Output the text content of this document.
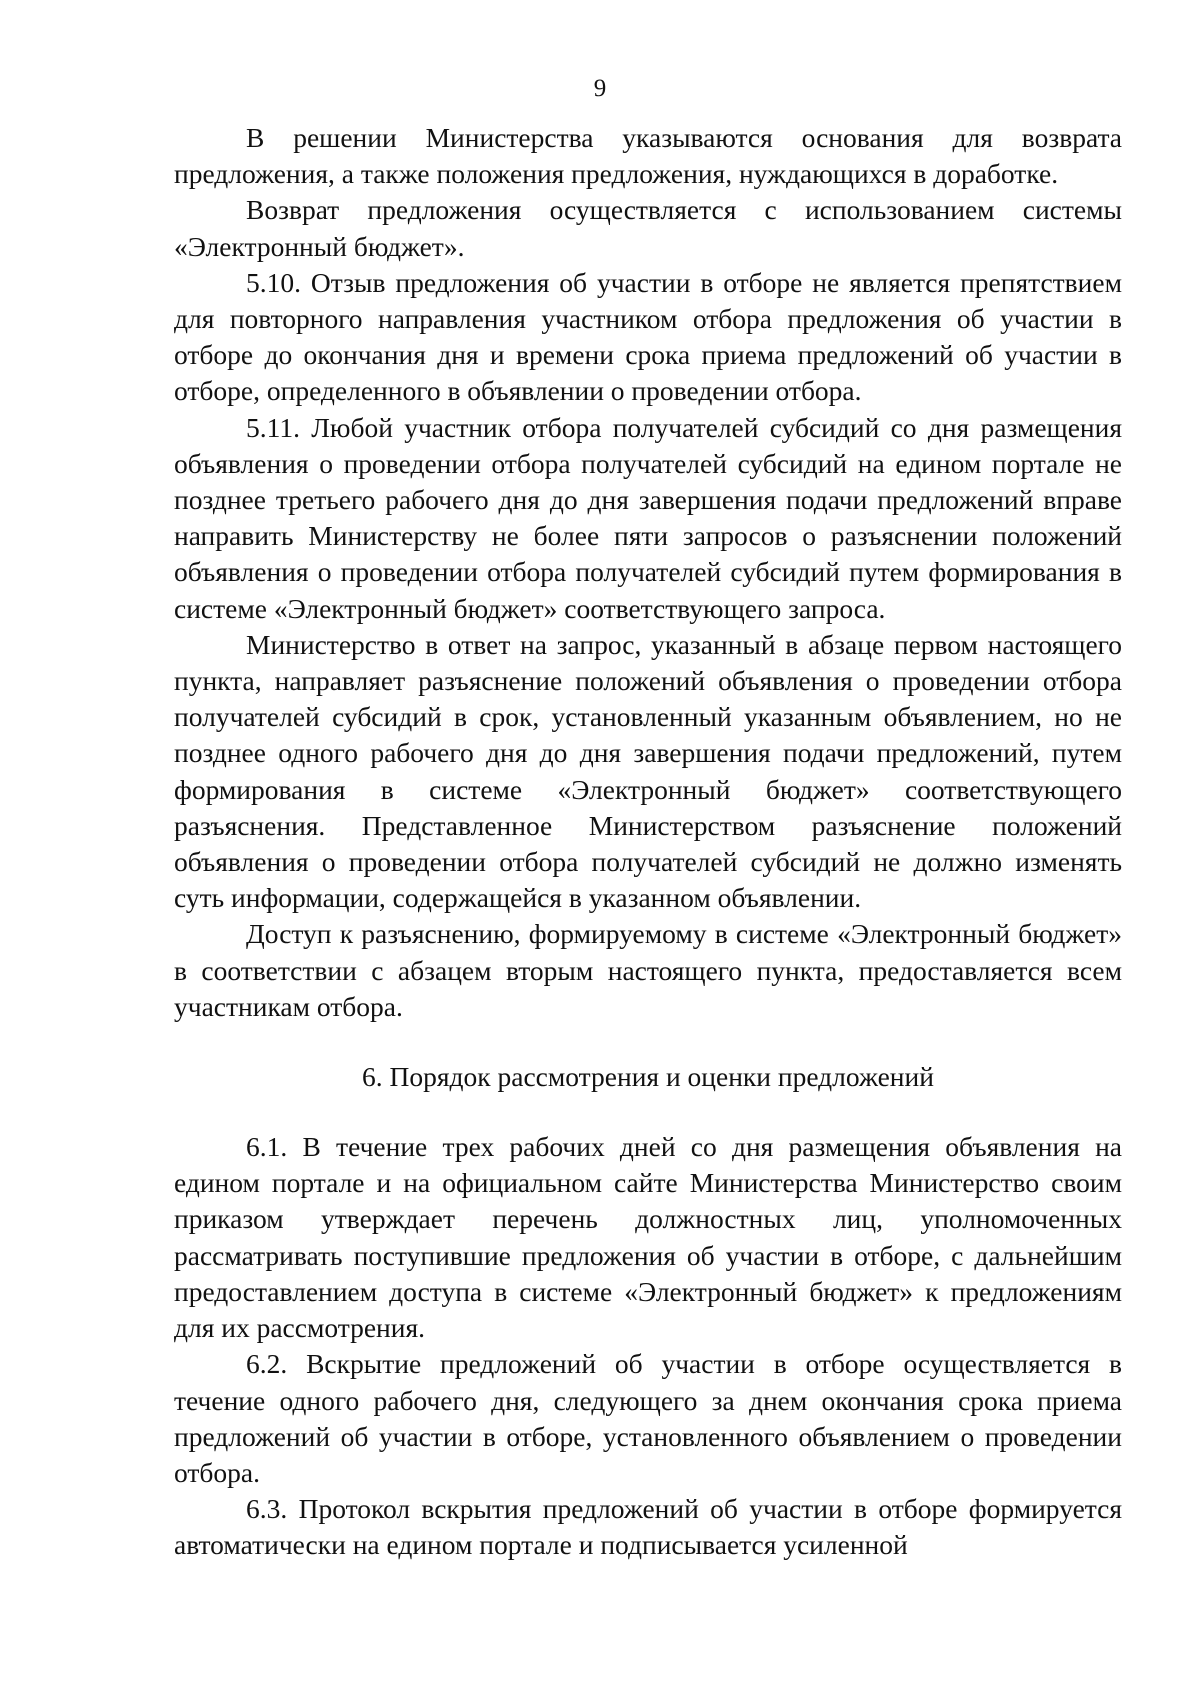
9

В решении Министерства указываются основания для возврата предложения, а также положения предложения, нуждающихся в доработке.

Возврат предложения осуществляется с использованием системы «Электронный бюджет».

5.10. Отзыв предложения об участии в отборе не является препятствием для повторного направления участником отбора предложения об участии в отборе до окончания дня и времени срока приема предложений об участии в отборе, определенного в объявлении о проведении отбора.

5.11. Любой участник отбора получателей субсидий со дня размещения объявления о проведении отбора получателей субсидий на едином портале не позднее третьего рабочего дня до дня завершения подачи предложений вправе направить Министерству не более пяти запросов о разъяснении положений объявления о проведении отбора получателей субсидий путем формирования в системе «Электронный бюджет» соответствующего запроса.

Министерство в ответ на запрос, указанный в абзаце первом настоящего пункта, направляет разъяснение положений объявления о проведении отбора получателей субсидий в срок, установленный указанным объявлением, но не позднее одного рабочего дня до дня завершения подачи предложений, путем формирования в системе «Электронный бюджет» соответствующего разъяснения. Представленное Министерством разъяснение положений объявления о проведении отбора получателей субсидий не должно изменять суть информации, содержащейся в указанном объявлении.

Доступ к разъяснению, формируемому в системе «Электронный бюджет» в соответствии с абзацем вторым настоящего пункта, предоставляется всем участникам отбора.

6. Порядок рассмотрения и оценки предложений

6.1. В течение трех рабочих дней со дня размещения объявления на едином портале и на официальном сайте Министерства Министерство своим приказом утверждает перечень должностных лиц, уполномоченных рассматривать поступившие предложения об участии в отборе, с дальнейшим предоставлением доступа в системе «Электронный бюджет» к предложениям для их рассмотрения.

6.2. Вскрытие предложений об участии в отборе осуществляется в течение одного рабочего дня, следующего за днем окончания срока приема предложений об участии в отборе, установленного объявлением о проведении отбора.

6.3. Протокол вскрытия предложений об участии в отборе формируется автоматически на едином портале и подписывается усиленной
